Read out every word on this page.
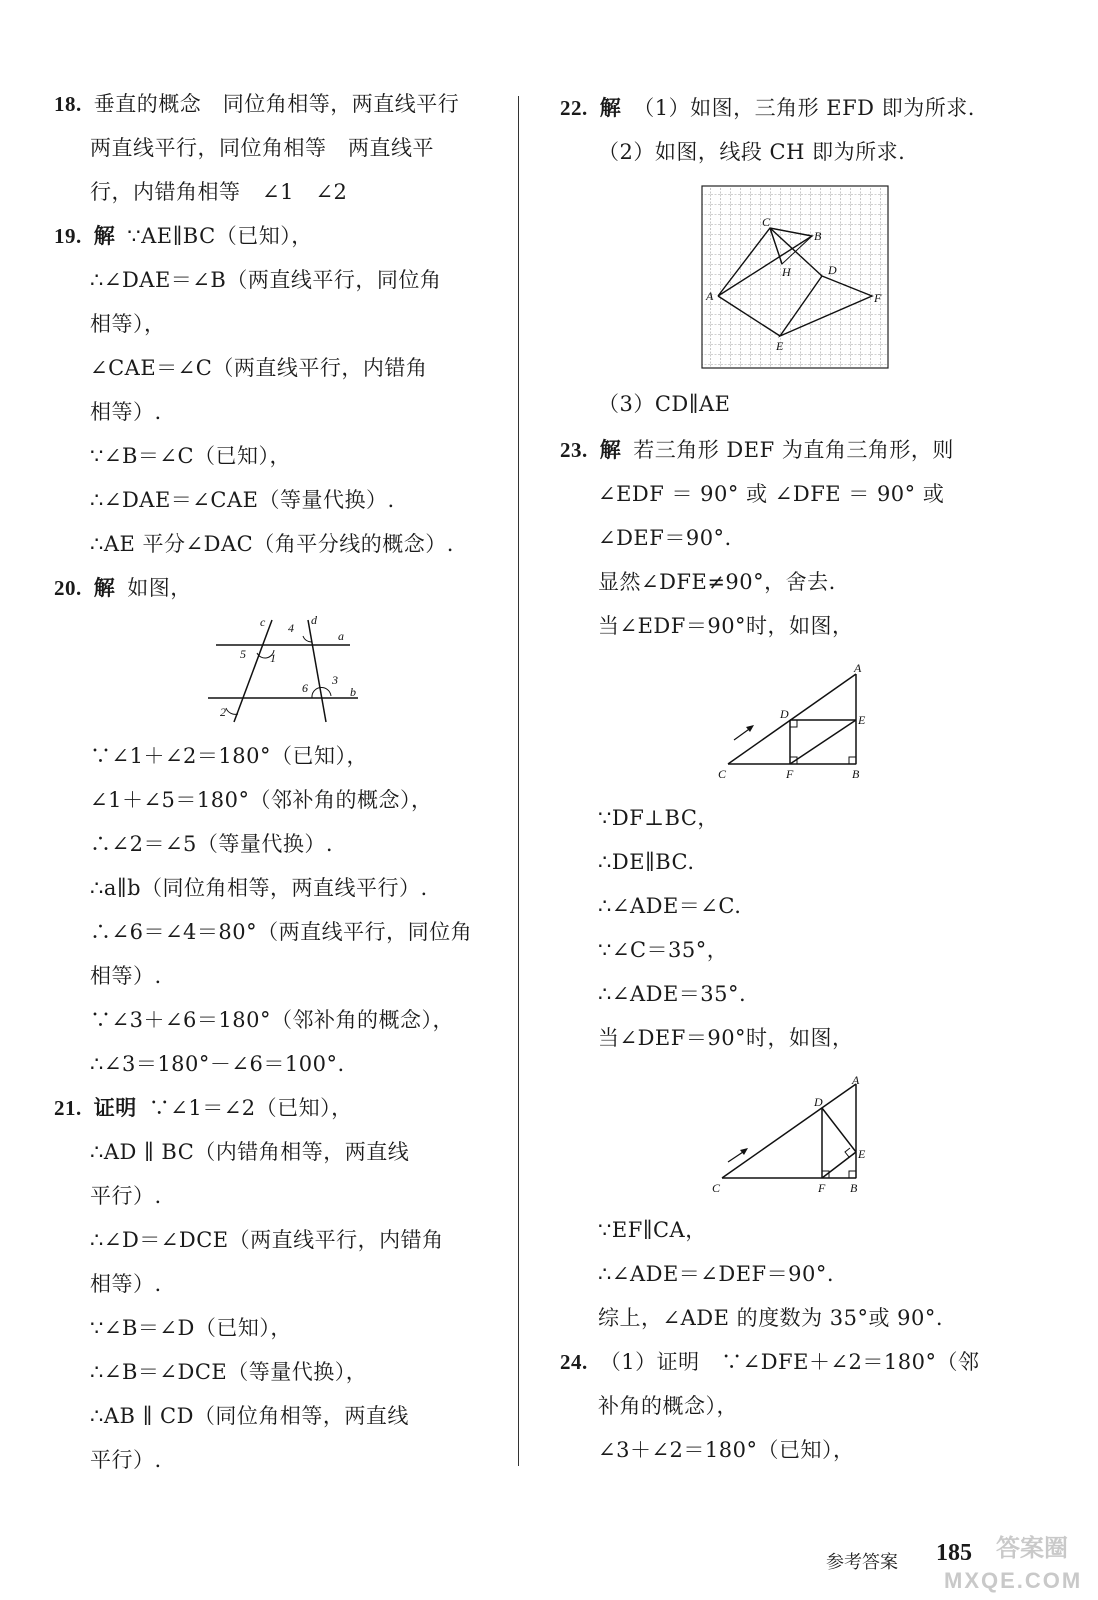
18. 垂直的概念　同位角相等，两直线平行
两直线平行，同位角相等　两直线平
行，内错角相等　∠1　∠2
19. 解 ∵AE∥BC（已知），
∴∠DAE＝∠B（两直线平行，同位角
相等），
∠CAE＝∠C（两直线平行，内错角
相等）.
∵∠B＝∠C（已知），
∴∠DAE＝∠CAE（等量代换）.
∴AE 平分∠DAC（角平分线的概念）.
20. 解 如图，
c 4
d
a
5 1
3
6	b
2
∵∠1＋∠2＝180°（已知），
∠1＋∠5＝180°（邻补角的概念），
∴∠2＝∠5（等量代换）.
∴a∥b（同位角相等，两直线平行）.
∴∠6＝∠4＝80°（两直线平行，同位角
相等）.
∵∠3＋∠6＝180°（邻补角的概念），
∴∠3＝180°－∠6＝100°.
21. 证明 ∵∠1＝∠2（已知），
∴AD ∥ BC（内错角相等，两直线
平行）.
∴∠D＝∠DCE（两直线平行，内错角
相等）.
∵∠B＝∠D（已知），
∴∠B＝∠DCE（等量代换），
∴AB ∥ CD（同位角相等，两直线
平行）.
22. 解 （1）如图，三角形 EFD 即为所求.
（2）如图，线段 CH 即为所求.
C
B
H	D
A	F
E
（3）CD∥AE
23. 解 若三角形 DEF 为直角三角形，则
∠EDF ＝ 90° 或 ∠DFE ＝ 90° 或
∠DEF＝90°.
显然∠DFE≠90°，舍去.
当∠EDF＝90°时，如图，
A
D	E
C	F	B
∵DF⊥BC，
∴DE∥BC.
∴∠ADE＝∠C.
∵∠C＝35°，
∴∠ADE＝35°.
当∠DEF＝90°时，如图，
A
D
E
C	F B
∵EF∥CA，
∴∠ADE＝∠DEF＝90°.
综上，∠ADE 的度数为 35°或 90°.
24. （1）证明　∵∠DFE＋∠2＝180°（邻
补角的概念），
∠3＋∠2＝180°（已知），
参考答案 185 答案圈
MXQE.COM
